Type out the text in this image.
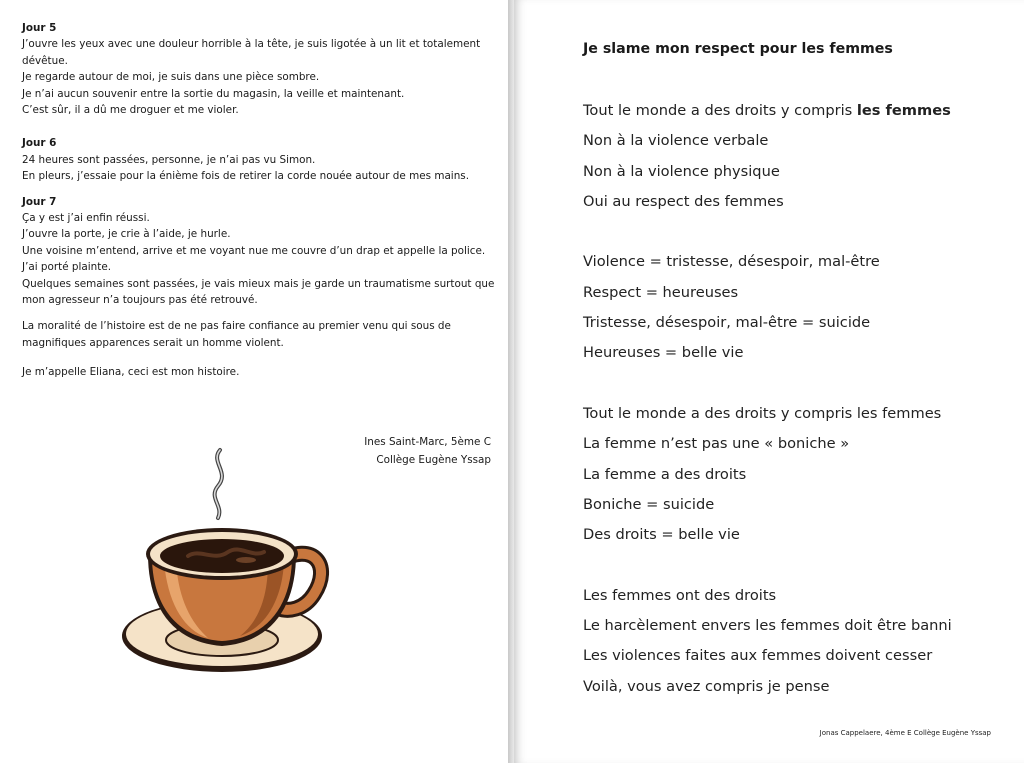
Jour 5
J’ouvre les yeux avec une douleur horrible à la tête, je suis ligotée à un lit et totalement
dévêtue.
Je regarde autour de moi, je suis dans une pièce sombre.
Je n’ai aucun souvenir entre la sortie du magasin, la veille et maintenant.
C’est sûr, il a dû me droguer et me violer.
Jour 6
24 heures sont passées, personne, je n’ai pas vu Simon.
En pleurs, j’essaie pour la énième fois de retirer la corde nouée autour de mes mains.
Jour 7
Ça y est j’ai enfin réussi.
J’ouvre la porte, je crie à l’aide, je hurle.
Une voisine m’entend, arrive et me voyant nue me couvre d’un drap et appelle la police.
J’ai porté plainte.
Quelques semaines sont passées, je vais mieux mais je garde un traumatisme surtout que
mon agresseur n’a toujours pas été retrouvé.
La moralité de l’histoire est de ne pas faire confiance au premier venu qui sous de
magnifiques apparences serait un homme violent.
Je m’appelle Eliana, ceci est mon histoire.
Ines Saint-Marc, 5ème C
Collège Eugène Yssap
Je slame mon respect pour les femmes
Tout le monde a des droits y compris les femmes
Non à la violence verbale
Non à la violence physique
Oui au respect des femmes
Violence = tristesse, désespoir, mal-être
Respect = heureuses
Tristesse, désespoir, mal-être = suicide
Heureuses = belle vie
Tout le monde a des droits y compris les femmes
La femme n’est pas une « boniche »
La femme a des droits
Boniche = suicide
Des droits = belle vie
Les femmes ont des droits
Le harcèlement envers les femmes doit être banni
Les violences faites aux femmes doivent cesser
Voilà, vous avez compris je pense
Jonas Cappelaere, 4ème E Collège Eugène Yssap
